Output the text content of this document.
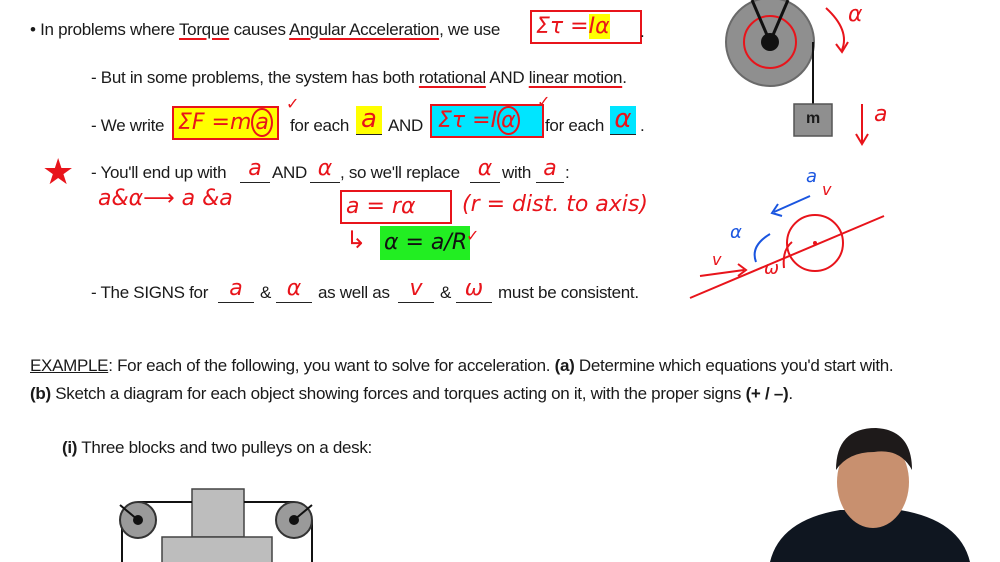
• In problems where Torque causes Angular Acceleration, we use Στ =Iα	.
- But in some problems, the system has both rotational AND linear motion.
- We write ΣF =m a	for each a AND Στ =I α	for each α .
★ - You'll end up with	a AND α , so we'll replace α with a :
a&α⟶ a &a	a = rα	(r = dist. to axis)
↳ α = a/R
✓	✓
✓
- The SIGNS for a	& α as well as v	& ω must be consistent.
EXAMPLE: For each of the following, you want to solve for acceleration. (a) Determine which equations you'd start with.
(b) Sketch a diagram for each object showing forces and torques acting on it, with the proper signs (+ / –).
(i) Three blocks and two pulleys on a desk:
α
m a
a
v
α
ω
v
